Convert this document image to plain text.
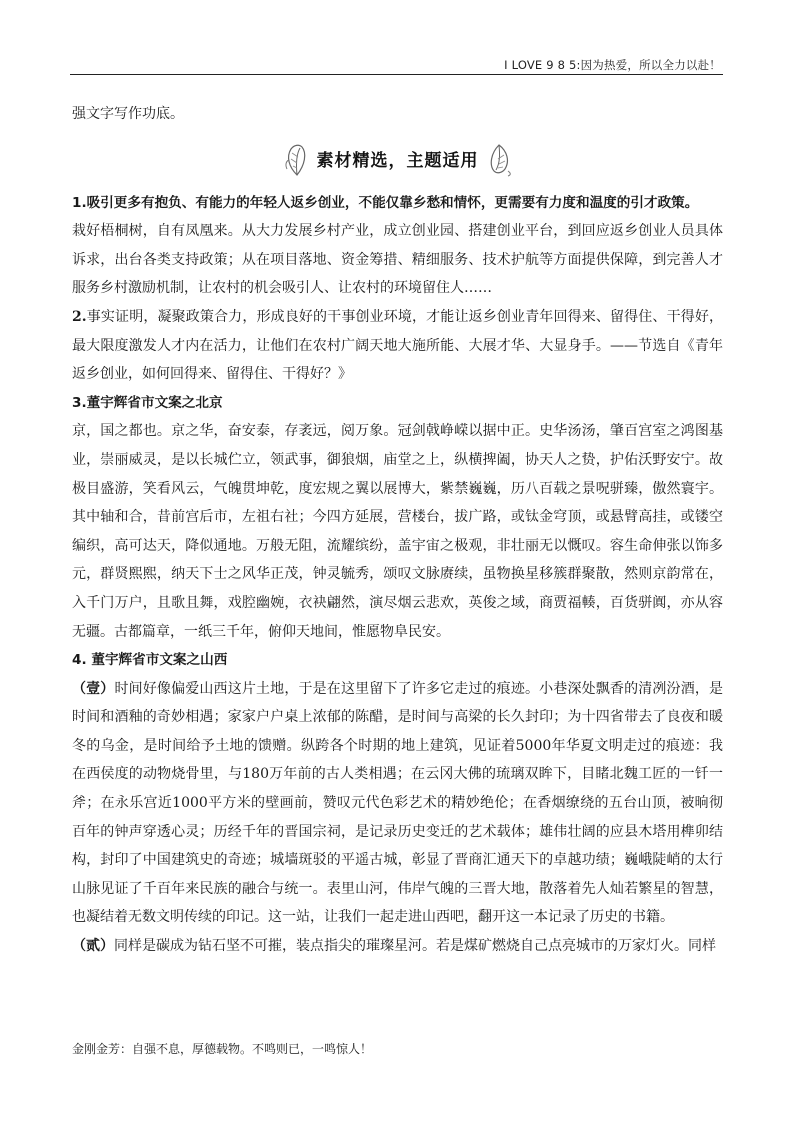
I LOVE 9 8 5:因为热爱，所以全力以赴！

强文字写作功底。

素材精选，主题适用

1.吸引更多有抱负、有能力的年轻人返乡创业，不能仅靠乡愁和情怀，更需要有力度和温度的引才政策。

栽好梧桐树，自有凤凰来。从大力发展乡村产业，成立创业园、搭建创业平台，到回应返乡创业人员具体诉求，出台各类支持政策；从在项目落地、资金筹措、精细服务、技术护航等方面提供保障，到完善人才服务乡村激励机制，让农村的机会吸引人、让农村的环境留住人……

2.事实证明，凝聚政策合力，形成良好的干事创业环境，才能让返乡创业青年回得来、留得住、干得好，最大限度激发人才内在活力，让他们在农村广阔天地大施所能、大展才华、大显身手。——节选自《青年返乡创业，如何回得来、留得住、干得好？》

3.董宇辉省市文案之北京

京，国之都也。京之华，奋安泰，存袤远，阅万象。冠剑戟峥嵘以据中正。史华汤汤，肇百宫室之鸿图基业，崇丽威灵，是以长城伫立，领武事，御狼烟，庙堂之上，纵横捭阖，协天人之贽，护佑沃野安宁。故极目盛游，笑看风云，气魄贯坤乾，度宏规之翼以展博大，紫禁巍巍，历八百载之景呪骈臻，傲然寰宇。其中轴和合，昔前宫后市，左祖右社；今四方延展，营楼台，拔广路，或钛金穹顶，或悬臂高挂，或镂空编织，高可达天，降似通地。万般无阻，流耀缤纷，盖宇宙之极观，非壮丽无以慨叹。容生命伸张以饰多元，群贤熙熙，纳天下士之风华正茂，钟灵毓秀，颂叹文脉赓续，虽物换星移簇群聚散，然则京韵常在，入千门万户，且歌且舞，戏腔幽婉，衣袂翩然，演尽烟云悲欢，英俊之域，商贾福輳，百货骈阗，亦从容无疆。古都篇章，一纸三千年，俯仰天地间，惟愿物阜民安。

4. 董宇辉省市文案之山西

（壹）时间好像偏爱山西这片土地，于是在这里留下了许多它走过的痕迹。小巷深处飘香的清冽汾酒，是时间和酒釉的奇妙相遇；家家户户桌上浓郁的陈醋，是时间与高梁的长久封印；为十四省带去了良夜和暖冬的乌金，是时间给予土地的馈赠。纵跨各个时期的地上建筑，见证着5000年华夏文明走过的痕迹：我在西侯度的动物烧骨里，与180万年前的古人类相遇；在云冈大佛的琉璃双眸下，目睹北魏工匠的一钎一斧；在永乐宫近1000平方米的壁画前，赞叹元代色彩艺术的精妙绝伦；在香烟缭绕的五台山顶，被晌彻百年的钟声穿透心灵；历经千年的晋国宗祠，是记录历史变迁的艺术载体；雄伟壮阔的应县木塔用榫卯结构，封印了中国建筑史的奇迹；城墙斑驳的平遥古城，彰显了晋商汇通天下的卓越功绩；巍峨陡峭的太行山脉见证了千百年来民族的融合与统一。表里山河，伟岸气魄的三晋大地，散落着先人灿若繁星的智慧，也凝结着无数文明传续的印记。这一站，让我们一起走进山西吧，翻开这一本记录了历史的书籍。

（贰）同样是碳成为钻石坚不可摧，装点指尖的璀璨星河。若是煤矿燃烧自己点亮城市的万家灯火。同样

金刚金芳：自强不息，厚德载物。不鸣则已，一鸣惊人！
